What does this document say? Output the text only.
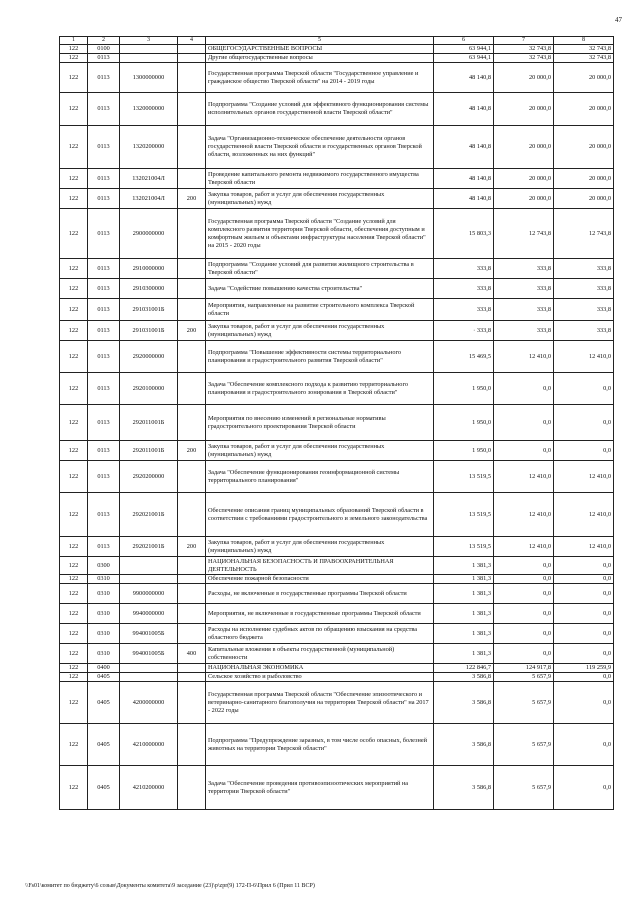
47
1	2	3	4	5	6	7	8
122	0100			ОБЩЕГОСУДАРСТВЕННЫЕ ВОПРОСЫ	63 944,1	32 743,8	32 743,8
122	0113			Другие общегосударственные вопросы	63 944,1	32 743,8	32 743,8
122	0113	1300000000		Государственная программа Тверской области "Государственное управление и гражданское общество Тверской области" на 2014 - 2019 годы	48 140,8	20 000,0	20 000,0
122	0113	1320000000		Подпрограмма "Создание условий для эффективного функционирования системы исполнительных органов государственной власти Тверской области"	48 140,8	20 000,0	20 000,0
122	0113	1320200000		Задача "Организационно-техническое обеспечение деятельности органов государственной власти Тверской области и государственных органов Тверской области, возложенных на них функций"	48 140,8	20 000,0	20 000,0
122	0113	132021004Л		Проведение капитального ремонта недвижимого государственного имущества Тверской области	48 140,8	20 000,0	20 000,0
122	0113	132021004Л	200	Закупка товаров, работ и услуг для обеспечения государственных (муниципальных) нужд	48 140,8	20 000,0	20 000,0
122	0113	2900000000		Государственная программа Тверской области "Создание условий для комплексного развития территории Тверской области, обеспечения доступным и комфортным жильем и объектами инфраструктуры населения Тверской области" на 2015 - 2020 годы	15 803,3	12 743,8	12 743,8
122	0113	2910000000		Подпрограмма "Создание условий для развития жилищного строительства в Тверской области"	333,8	333,8	333,8
122	0113	2910300000		Задача "Содействие повышению качества строительства"	333,8	333,8	333,8
122	0113	291031001Б		Мероприятия, направленные на развитие строительного комплекса Тверской области	333,8	333,8	333,8
122	0113	291031001Б	200	Закупка товаров, работ и услуг для обеспечения государственных (муниципальных) нужд	· 333,8	333,8	333,8
122	0113	2920000000		Подпрограмма "Повышение эффективности системы территориального планирования и градостроительного развития Тверской области"	15 469,5	12 410,0	12 410,0
122	0113	2920100000		Задача "Обеспечение комплексного подхода к развитию территориального планирования и градостроительного зонирования в Тверской области"	1 950,0	0,0	0,0
122	0113	292011001Б		Мероприятия по внесению изменений в региональные нормативы градостроительного проектирования Тверской области	1 950,0	0,0	0,0
122	0113	292011001Б	200	Закупка товаров, работ и услуг для обеспечения государственных (муниципальных) нужд	1 950,0	0,0	0,0
122	0113	2920200000		Задача "Обеспечение функционирования геоинформационной системы территориального планирования"	13 519,5	12 410,0	12 410,0
122	0113	292021001Б		Обеспечение описания границ муниципальных образований Тверской области в соответствии с требованиями градостроительного и земельного законодательства	13 519,5	12 410,0	12 410,0
122	0113	292021001Б	200	Закупка товаров, работ и услуг для обеспечения государственных (муниципальных) нужд	13 519,5	12 410,0	12 410,0
122	0300			НАЦИОНАЛЬНАЯ БЕЗОПАСНОСТЬ И ПРАВООХРАНИТЕЛЬНАЯ ДЕЯТЕЛЬНОСТЬ	1 381,3	0,0	0,0
122	0310			Обеспечение пожарной безопасности	1 381,3	0,0	0,0
122	0310	9900000000		Расходы, не включенные в государственные программы Тверской области	1 381,3	0,0	0,0
122	0310	9940000000		Мероприятия, не включенные в государственные программы Тверской области	1 381,3	0,0	0,0
122	0310	994001005Б		Расходы на исполнение судебных актов по обращению взыскания на средства областного бюджета	1 381,3	0,0	0,0
122	0310	994001005Б	400	Капитальные вложения в объекты государственной (муниципальной) собственности	1 381,3	0,0	0,0
122	0400			НАЦИОНАЛЬНАЯ ЭКОНОМИКА	122 846,7	124 917,8	119 259,9
122	0405			Сельское хозяйство и рыболовство	3 586,8	5 657,9	0,0
122	0405	4200000000		Государственная программа Тверской области "Обеспечение эпизоотического и ветеринарно-санитарного благополучия на территории Тверской области" на 2017 - 2022 годы	3 586,8	5 657,9	0,0
122	0405	4210000000		Подпрограмма "Предупреждение заразных, в том числе особо опасных, болезней животных на территории Тверской области"	3 586,8	5 657,9	0,0
122	0405	4210200000		Задача "Обеспечение проведения противоэпизоотических мероприятий на территории Тверской области"	3 586,8	5 657,9	0,0
\\Fs01\комитет по бюджету\6 созыв\Документы комитета\9 заседание (23)\р\zpr(9) 172-П-6\Прил 6 (Прил 11 ВСР)
